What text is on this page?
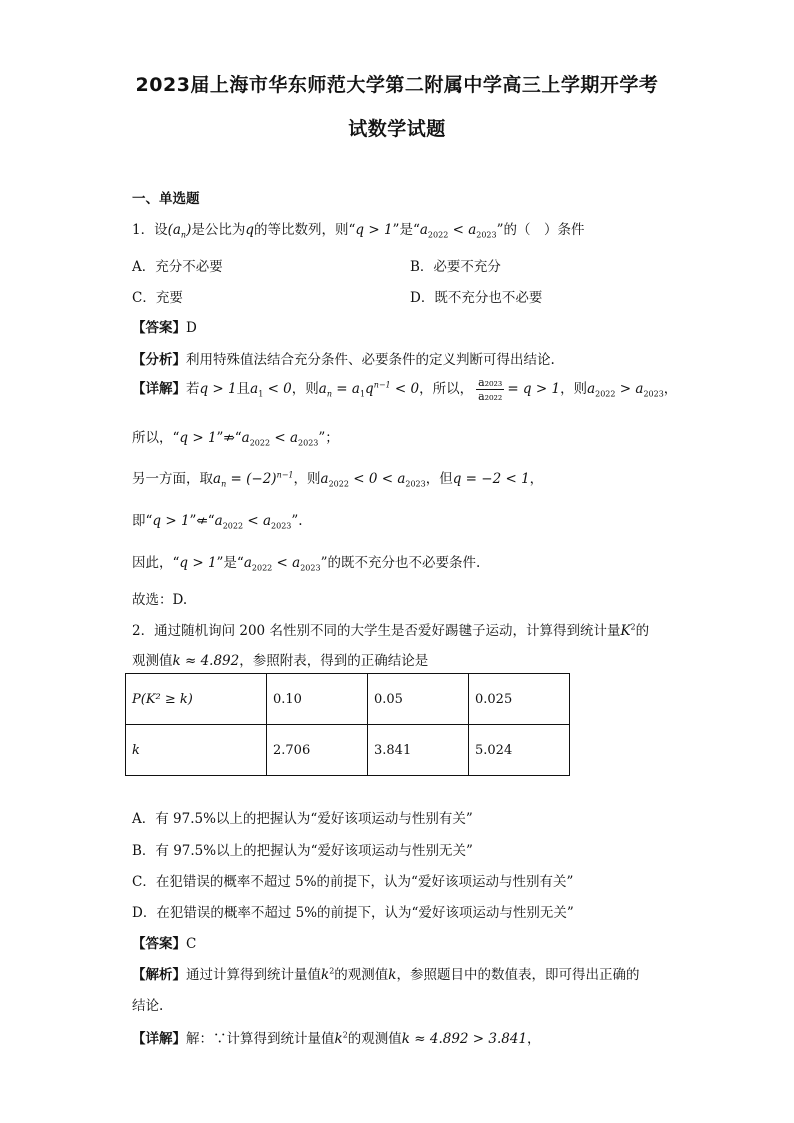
2023届上海市华东师范大学第二附属中学高三上学期开学考
试数学试题
一、单选题
1．设$(a_n)$是公比为q的等比数列，则“q > 1”是“$a_{2022} < a_{2023}$”的（　）条件
A．充分不必要	B．必要不充分
C．充要	D．既不充分也不必要
【答案】D
【分析】利用特殊值法结合充分条件、必要条件的定义判断可得出结论.
【详解】若q > 1且$a_1 < 0$，则$a_n = a_1q^{n-1} < 0$，所以， $\frac{\text{a₂₀₂₃}}{\text{a₂₀₂₂}} = q > 1$，则$a_{2022} > a_{2023}$，
所以，“$q > 1”⇏“a_{2022} < a_{2023}$”；
另一方面，取$a_n = (-2)^{n-1}$，则$a_{2022} < 0 < a_{2023}$，但q = −2 < 1，
即“$q > 1”⇍“a_{2022} < a_{2023}$”.
因此，“q > 1”是“$a_{2022} < a_{2023}$”的既不充分也不必要条件.
故选：D.
2．通过随机询问 200 名性别不同的大学生是否爱好踢毽子运动，计算得到统计量$K^2$的
观测值k ≈ 4.892，参照附表，得到的正确结论是
P(K² ≥ k)	0.10	0.05	0.025
k	2.706	3.841	5.024
A．有 97.5%以上的把握认为“爱好该项运动与性别有关”
B．有 97.5%以上的把握认为“爱好该项运动与性别无关”
C．在犯错误的概率不超过 5%的前提下，认为“爱好该项运动与性别有关”
D．在犯错误的概率不超过 5%的前提下，认为“爱好该项运动与性别无关”
【答案】C
【解析】通过计算得到统计量值$k^2$的观测值k，参照题目中的数值表，即可得出正确的
结论.
【详解】解：∵计算得到统计量值$k^2$的观测值k ≈ 4.892 > 3.841，
